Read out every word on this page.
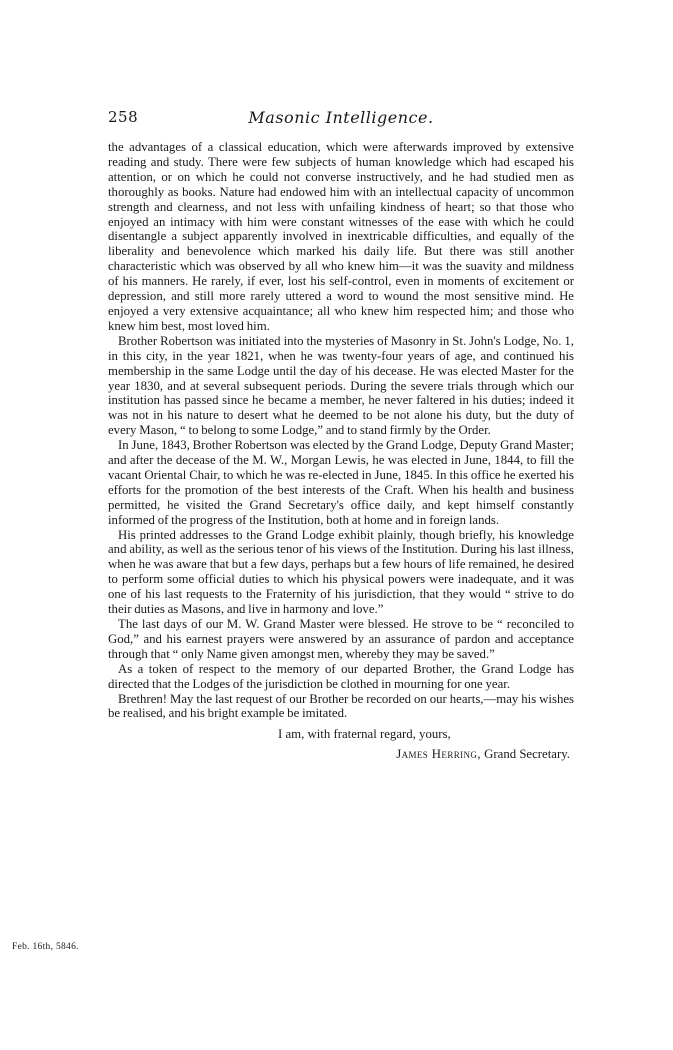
258	Masonic Intelligence.

the advantages of a classical education, which were afterwards improved by extensive reading and study. There were few subjects of human knowledge which had escaped his attention, or on which he could not converse instructively, and he had studied men as thoroughly as books. Nature had endowed him with an intellectual capacity of uncommon strength and clearness, and not less with unfailing kindness of heart; so that those who enjoyed an intimacy with him were constant witnesses of the ease with which he could disentangle a subject apparently involved in inextricable difficulties, and equally of the liberality and benevolence which marked his daily life. But there was still another characteristic which was observed by all who knew him—it was the suavity and mildness of his manners. He rarely, if ever, lost his self-control, even in moments of excitement or depression, and still more rarely uttered a word to wound the most sensitive mind. He enjoyed a very extensive acquaintance; all who knew him respected him; and those who knew him best, most loved him.

Brother Robertson was initiated into the mysteries of Masonry in St. John's Lodge, No. 1, in this city, in the year 1821, when he was twenty-four years of age, and continued his membership in the same Lodge until the day of his decease. He was elected Master for the year 1830, and at several subsequent periods. During the severe trials through which our institution has passed since he became a member, he never faltered in his duties; indeed it was not in his nature to desert what he deemed to be not alone his duty, but the duty of every Mason, “ to belong to some Lodge,” and to stand firmly by the Order.

In June, 1843, Brother Robertson was elected by the Grand Lodge, Deputy Grand Master; and after the decease of the M. W., Morgan Lewis, he was elected in June, 1844, to fill the vacant Oriental Chair, to which he was re-elected in June, 1845. In this office he exerted his efforts for the promotion of the best interests of the Craft. When his health and business permitted, he visited the Grand Secretary's office daily, and kept himself constantly informed of the progress of the Institution, both at home and in foreign lands.

His printed addresses to the Grand Lodge exhibit plainly, though briefly, his knowledge and ability, as well as the serious tenor of his views of the Institution. During his last illness, when he was aware that but a few days, perhaps but a few hours of life remained, he desired to perform some official duties to which his physical powers were inadequate, and it was one of his last requests to the Fraternity of his jurisdiction, that they would “ strive to do their duties as Masons, and live in harmony and love.”

The last days of our M. W. Grand Master were blessed. He strove to be “ reconciled to God,” and his earnest prayers were answered by an assurance of pardon and acceptance through that “ only Name given amongst men, whereby they may be saved.”

As a token of respect to the memory of our departed Brother, the Grand Lodge has directed that the Lodges of the jurisdiction be clothed in mourning for one year.

Brethren! May the last request of our Brother be recorded on our hearts,—may his wishes be realised, and his bright example be imitated.

I am, with fraternal regard, yours,
James Herring, Grand Secretary.
Feb. 16th, 5846.
